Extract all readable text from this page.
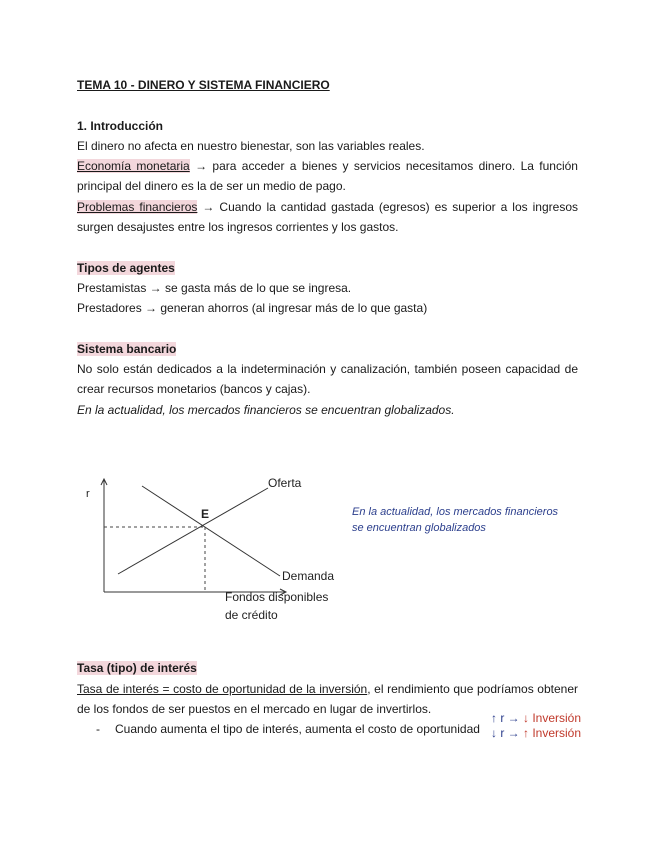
TEMA 10 - DINERO Y SISTEMA FINANCIERO
1. Introducción
El dinero no afecta en nuestro bienestar, son las variables reales.
Economía monetaria → para acceder a bienes y servicios necesitamos dinero. La función
principal del dinero es la de ser un medio de pago.
Problemas financieros → Cuando la cantidad gastada (egresos) es superior a los ingresos
surgen desajustes entre los ingresos corrientes y los gastos.
Tipos de agentes
Prestamistas → se gasta más de lo que se ingresa.
Prestadores → generan ahorros (al ingresar más de lo que gasta)
Sistema bancario
No solo están dedicados a la indeterminación y canalización, también poseen capacidad de
crear recursos monetarios (bancos y cajas).
En la actualidad, los mercados financieros se encuentran globalizados.
r
Oferta
Demanda
E
Fondos disponibles
de crédito
En la actualidad, los mercados financieros
se encuentran globalizados
Tasa (tipo) de interés
Tasa de interés = costo de oportunidad de la inversión, el rendimiento que podríamos obtener
de los fondos de ser puestos en el mercado en lugar de invertirlos.
- Cuando aumenta el tipo de interés, aumenta el costo de oportunidad
↑ r → ↓ Inversión
↓ r → ↑ Inversión
